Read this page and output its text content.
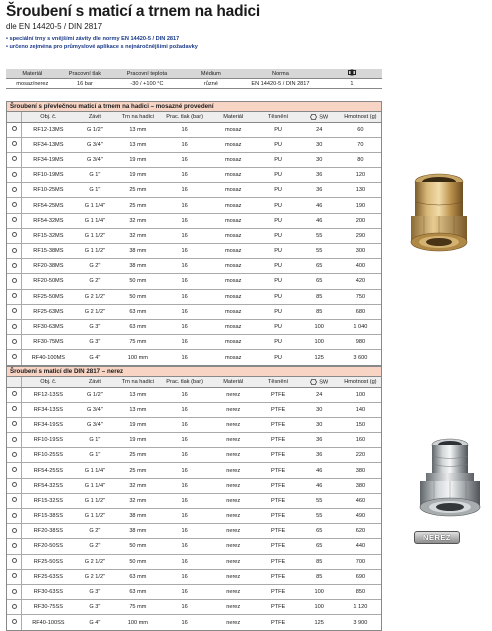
Šroubení s maticí a trnem na hadici
dle EN 14420-5 / DIN 2817
• speciální trny s vnějšími závity dle normy EN 14420-5 / DIN 2817
• určeno zejména pro průmyslové aplikace s nejnáročnějšími požadavky
Materiál	Pracovní tlak	Pracovní teplota	Médium	Norma	
mosaz/nerez	16 bar	-30 / +100 °C	různé	EN 14420-5 / DIN 2817	1
Šroubení s převlečnou maticí a trnem na hadici – mosazné provedení
	Obj. č.	Závit	Trn na hadici	Prac. tlak (bar)	Materiál	Těsnění	SW	Hmotnost (g)
	RF12-13MS	G 1/2"	13 mm	16	mosaz	PU	24	60
	RF34-13MS	G 3/4"	13 mm	16	mosaz	PU	30	70
	RF34-19MS	G 3/4"	19 mm	16	mosaz	PU	30	80
	RF10-19MS	G 1"	19 mm	16	mosaz	PU	36	120
	RF10-25MS	G 1"	25 mm	16	mosaz	PU	36	130
	RF54-25MS	G 1 1/4"	25 mm	16	mosaz	PU	46	190
	RF54-32MS	G 1 1/4"	32 mm	16	mosaz	PU	46	200
	RF15-32MS	G 1 1/2"	32 mm	16	mosaz	PU	55	290
	RF15-38MS	G 1 1/2"	38 mm	16	mosaz	PU	55	300
	RF20-38MS	G 2"	38 mm	16	mosaz	PU	65	400
	RF20-50MS	G 2"	50 mm	16	mosaz	PU	65	420
	RF25-50MS	G 2 1/2"	50 mm	16	mosaz	PU	85	750
	RF25-63MS	G 2 1/2"	63 mm	16	mosaz	PU	85	680
	RF30-63MS	G 3"	63 mm	16	mosaz	PU	100	1 040
	RF30-75MS	G 3"	75 mm	16	mosaz	PU	100	980
	RF40-100MS	G 4"	100 mm	16	mosaz	PU	125	3 600
Šroubení s maticí dle DIN 2817 – nerez
	Obj. č.	Závit	Trn na hadici	Prac. tlak (bar)	Materiál	Těsnění	SW	Hmotnost (g)
	RF12-13SS	G 1/2"	13 mm	16	nerez	PTFE	24	100
	RF34-13SS	G 3/4"	13 mm	16	nerez	PTFE	30	140
	RF34-19SS	G 3/4"	19 mm	16	nerez	PTFE	30	150
	RF10-19SS	G 1"	19 mm	16	nerez	PTFE	36	160
	RF10-25SS	G 1"	25 mm	16	nerez	PTFE	36	220
	RF54-25SS	G 1 1/4"	25 mm	16	nerez	PTFE	46	380
	RF54-32SS	G 1 1/4"	32 mm	16	nerez	PTFE	46	380
	RF15-32SS	G 1 1/2"	32 mm	16	nerez	PTFE	55	460
	RF15-38SS	G 1 1/2"	38 mm	16	nerez	PTFE	55	490
	RF20-38SS	G 2"	38 mm	16	nerez	PTFE	65	620
	RF20-50SS	G 2"	50 mm	16	nerez	PTFE	65	440
	RF25-50SS	G 2 1/2"	50 mm	16	nerez	PTFE	85	700
	RF25-63SS	G 2 1/2"	63 mm	16	nerez	PTFE	85	690
	RF30-63SS	G 3"	63 mm	16	nerez	PTFE	100	850
	RF30-75SS	G 3"	75 mm	16	nerez	PTFE	100	1 120
	RF40-100SS	G 4"	100 mm	16	nerez	PTFE	125	3 900
NEREZ
